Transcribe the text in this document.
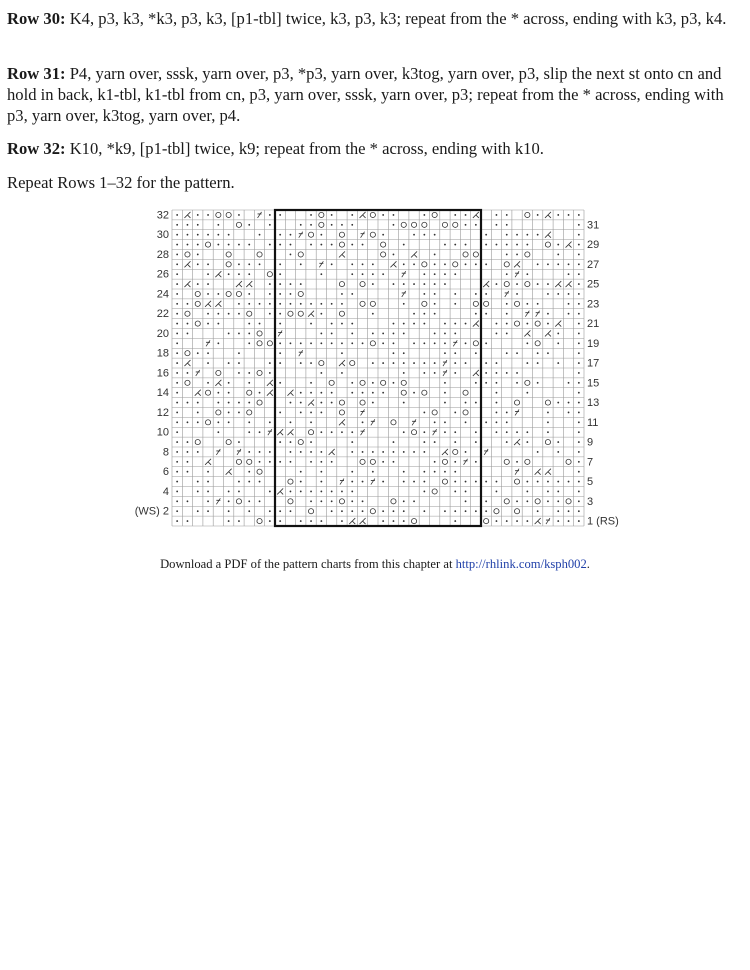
Row 30: K4, p3, k3, *k3, p3, k3, [p1-tbl] twice, k3, p3, k3; repeat from the * across, ending with k3, p3, k4.

Row 31: P4, yarn over, sssk, yarn over, p3, *p3, yarn over, k3tog, yarn over, p3, slip the next st onto cn and hold in back, k1-tbl, k1-tbl from cn, p3, yarn over, sssk, yarn over, p3; repeat from the * across, ending with p3, yarn over, k3tog, yarn over, p4.

Row 32: K10, *k9, [p1-tbl] twice, k9; repeat from the * across, ending with k10.

Repeat Rows 1–32 for the pattern.

32
30
28
26
24
22
20
18
16
14
12
10
8
6
4
(WS) 2
31
29
27
25
23
21
19
17
15
13
11
9
7
5
3
1 (RS)
Download a PDF of the pattern charts from this chapter at http://rhlink.com/ksph002.
